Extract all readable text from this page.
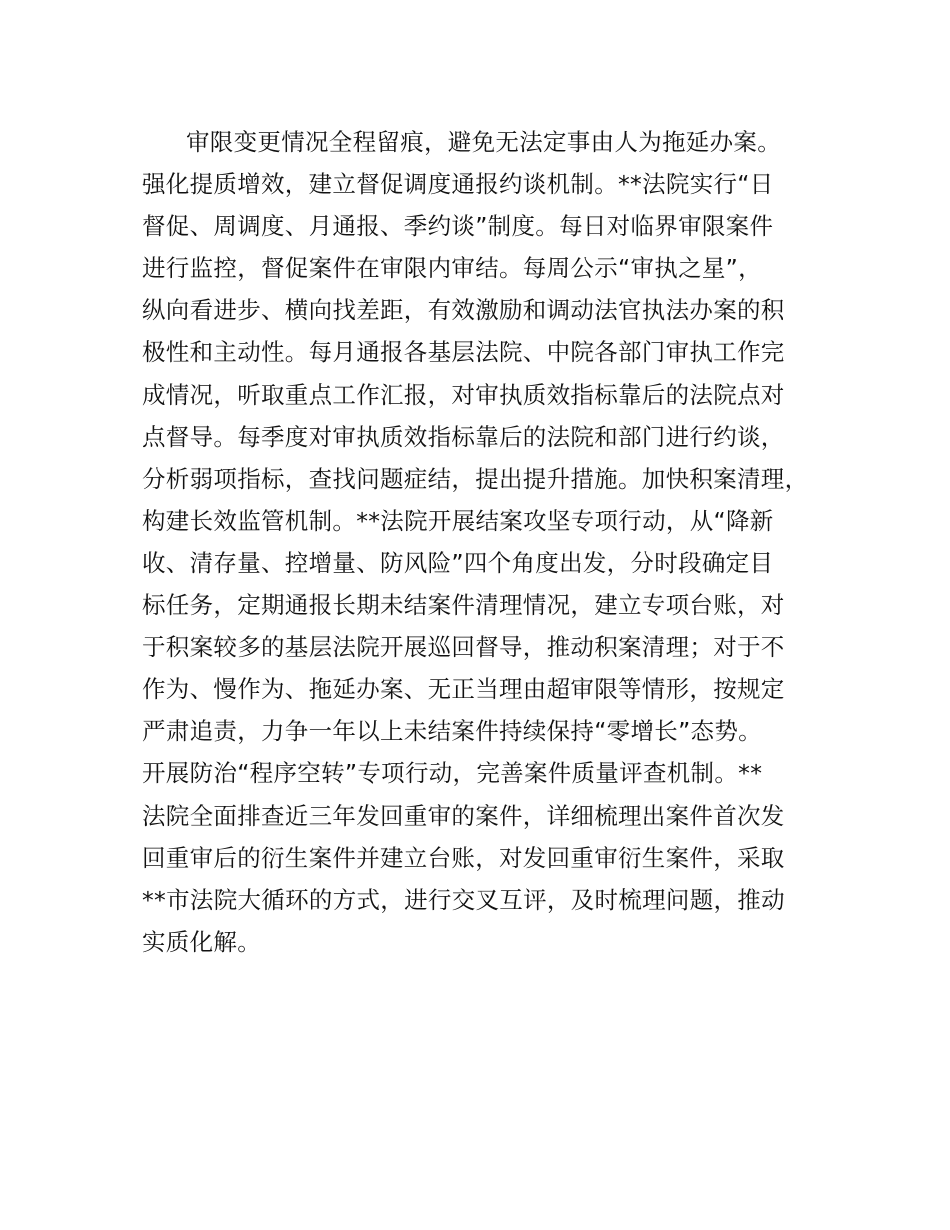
审限变更情况全程留痕，避免无法定事由人为拖延办案。
强化提质增效，建立督促调度通报约谈机制。**法院实行“日
督促、周调度、月通报、季约谈”制度。每日对临界审限案件
进行监控，督促案件在审限内审结。每周公示“审执之星”，
纵向看进步、横向找差距，有效激励和调动法官执法办案的积
极性和主动性。每月通报各基层法院、中院各部门审执工作完
成情况，听取重点工作汇报，对审执质效指标靠后的法院点对
点督导。每季度对审执质效指标靠后的法院和部门进行约谈，
分析弱项指标，查找问题症结，提出提升措施。加快积案清理，
构建长效监管机制。**法院开展结案攻坚专项行动，从“降新
收、清存量、控增量、防风险”四个角度出发，分时段确定目
标任务，定期通报长期未结案件清理情况，建立专项台账，对
于积案较多的基层法院开展巡回督导，推动积案清理；对于不
作为、慢作为、拖延办案、无正当理由超审限等情形，按规定
严肃追责，力争一年以上未结案件持续保持“零增长”态势。
开展防治“程序空转”专项行动，完善案件质量评查机制。**
法院全面排查近三年发回重审的案件，详细梳理出案件首次发
回重审后的衍生案件并建立台账，对发回重审衍生案件，采取
**市法院大循环的方式，进行交叉互评，及时梳理问题，推动
实质化解。
